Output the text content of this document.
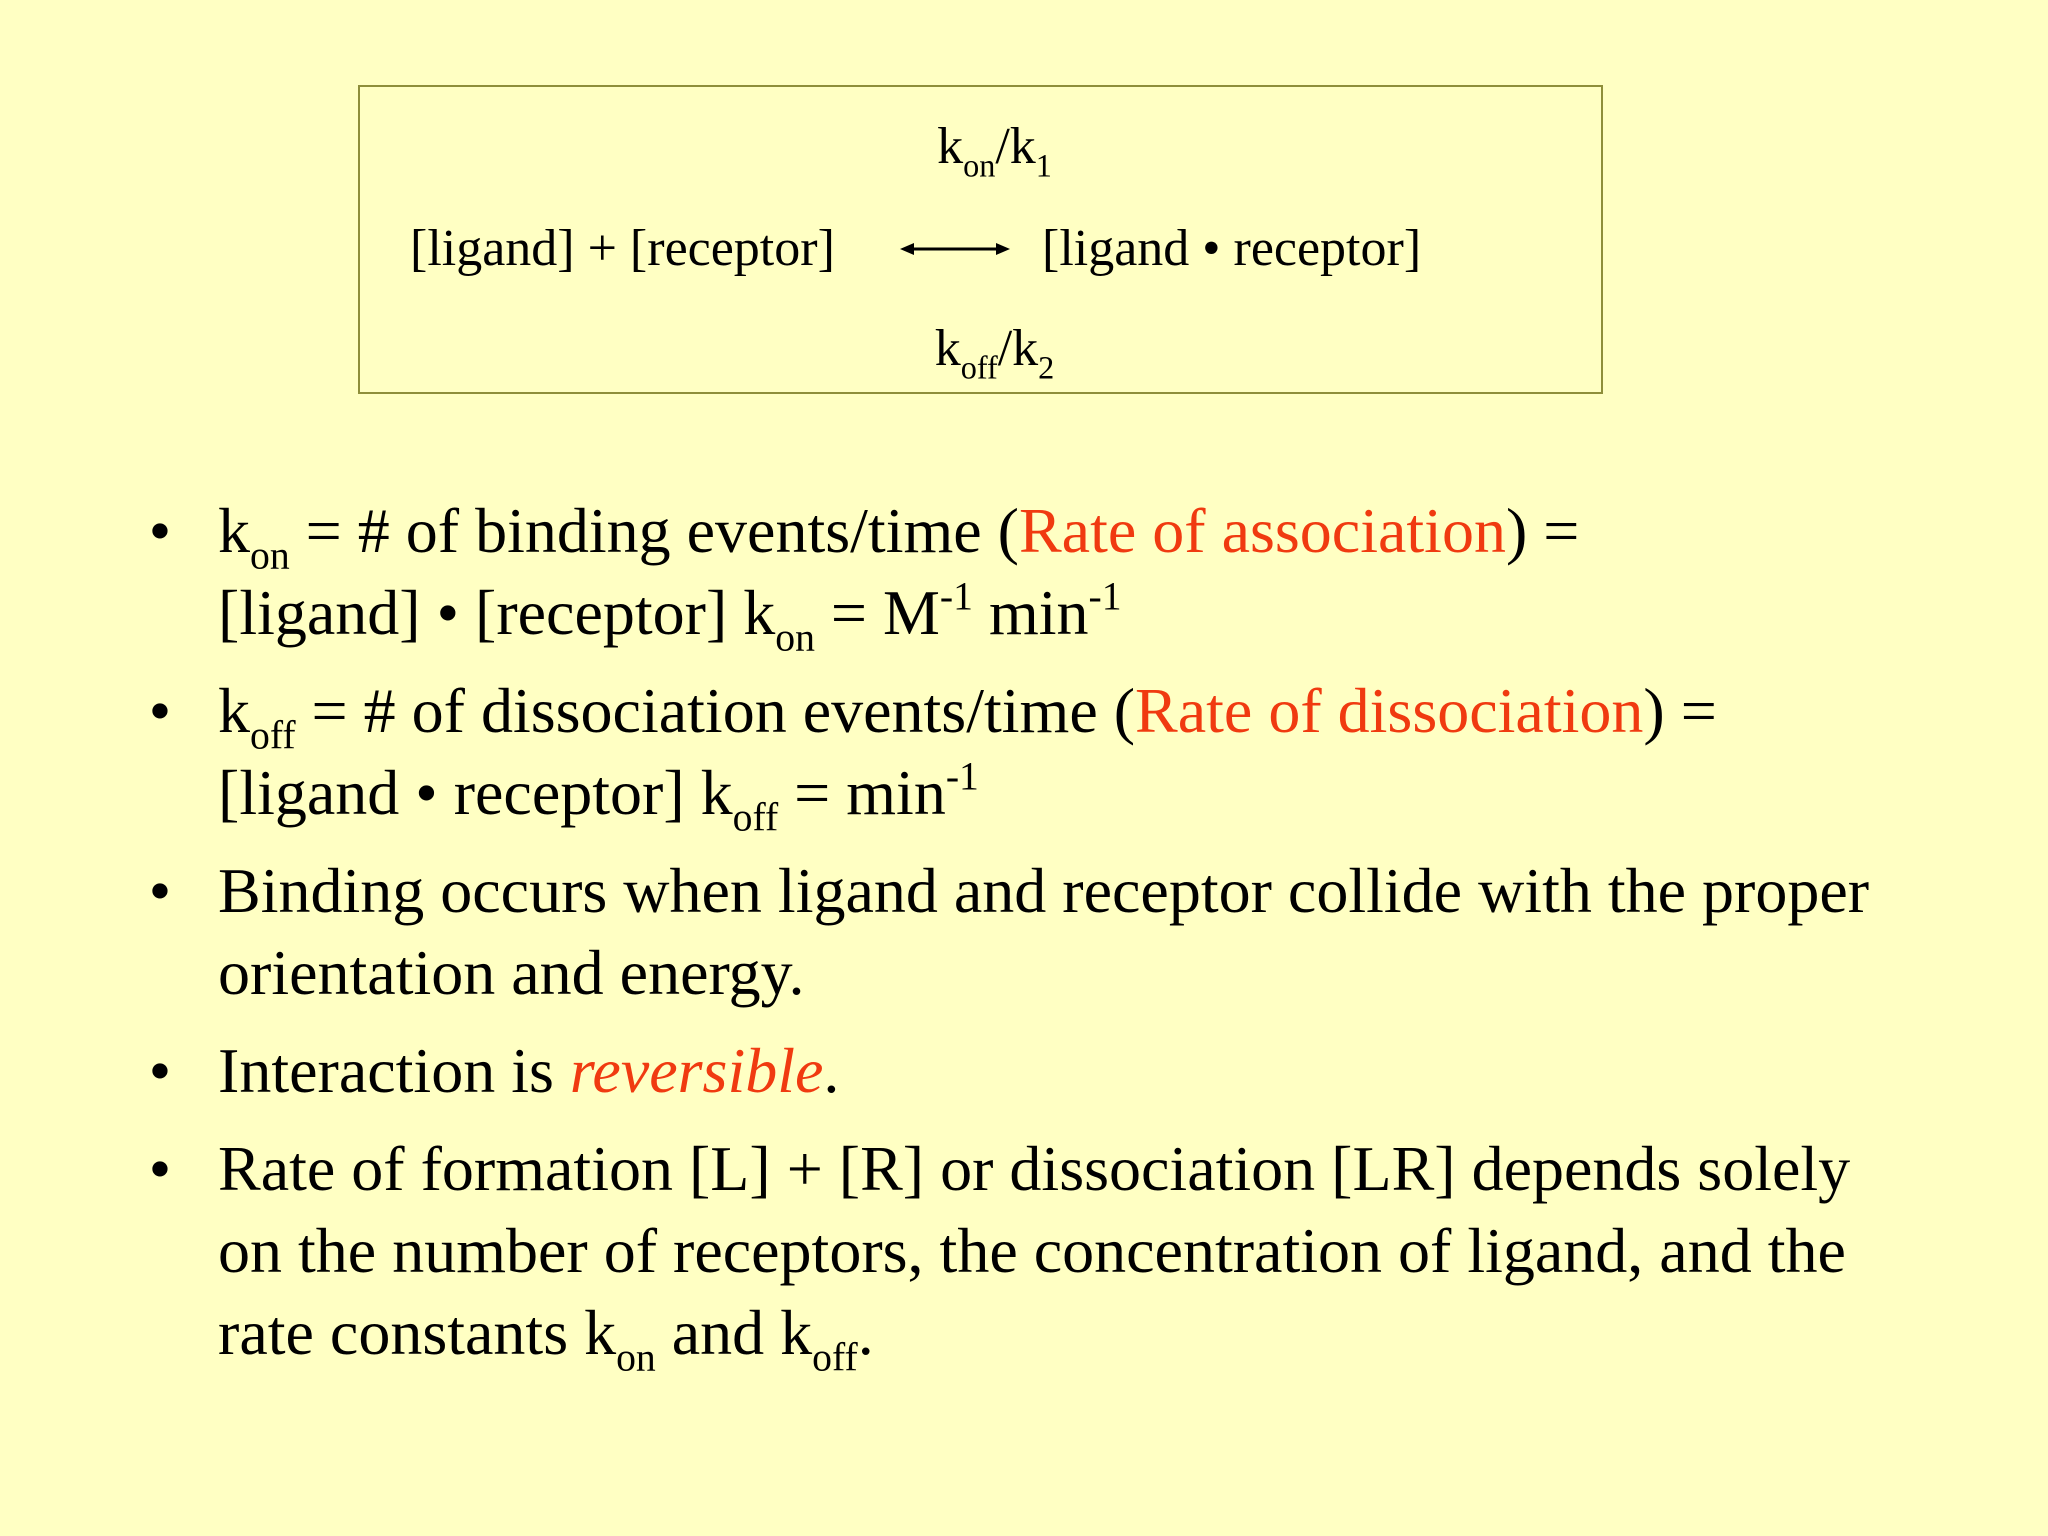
$k_{on}/k_1$
[ligand] + [receptor]	[ligand • receptor]
$k_{off}/k_2$
• $k_{on}$ = # of binding events/time (Rate of association) =
[ligand] • [receptor] $k_{on} = M^{-1}$ $\min^{-1}$
• $k_{off}$ = # of dissociation events/time (Rate of dissociation) =
[ligand • receptor] $k_{off} = \min^{-1}$
• Binding occurs when ligand and receptor collide with the proper orientation and energy.
• Interaction is reversible.
• Rate of formation [L] + [R] or dissociation [LR] depends solely on the number of receptors, the concentration of ligand, and the rate constants $k_{on}$ and $k_{off}$.
